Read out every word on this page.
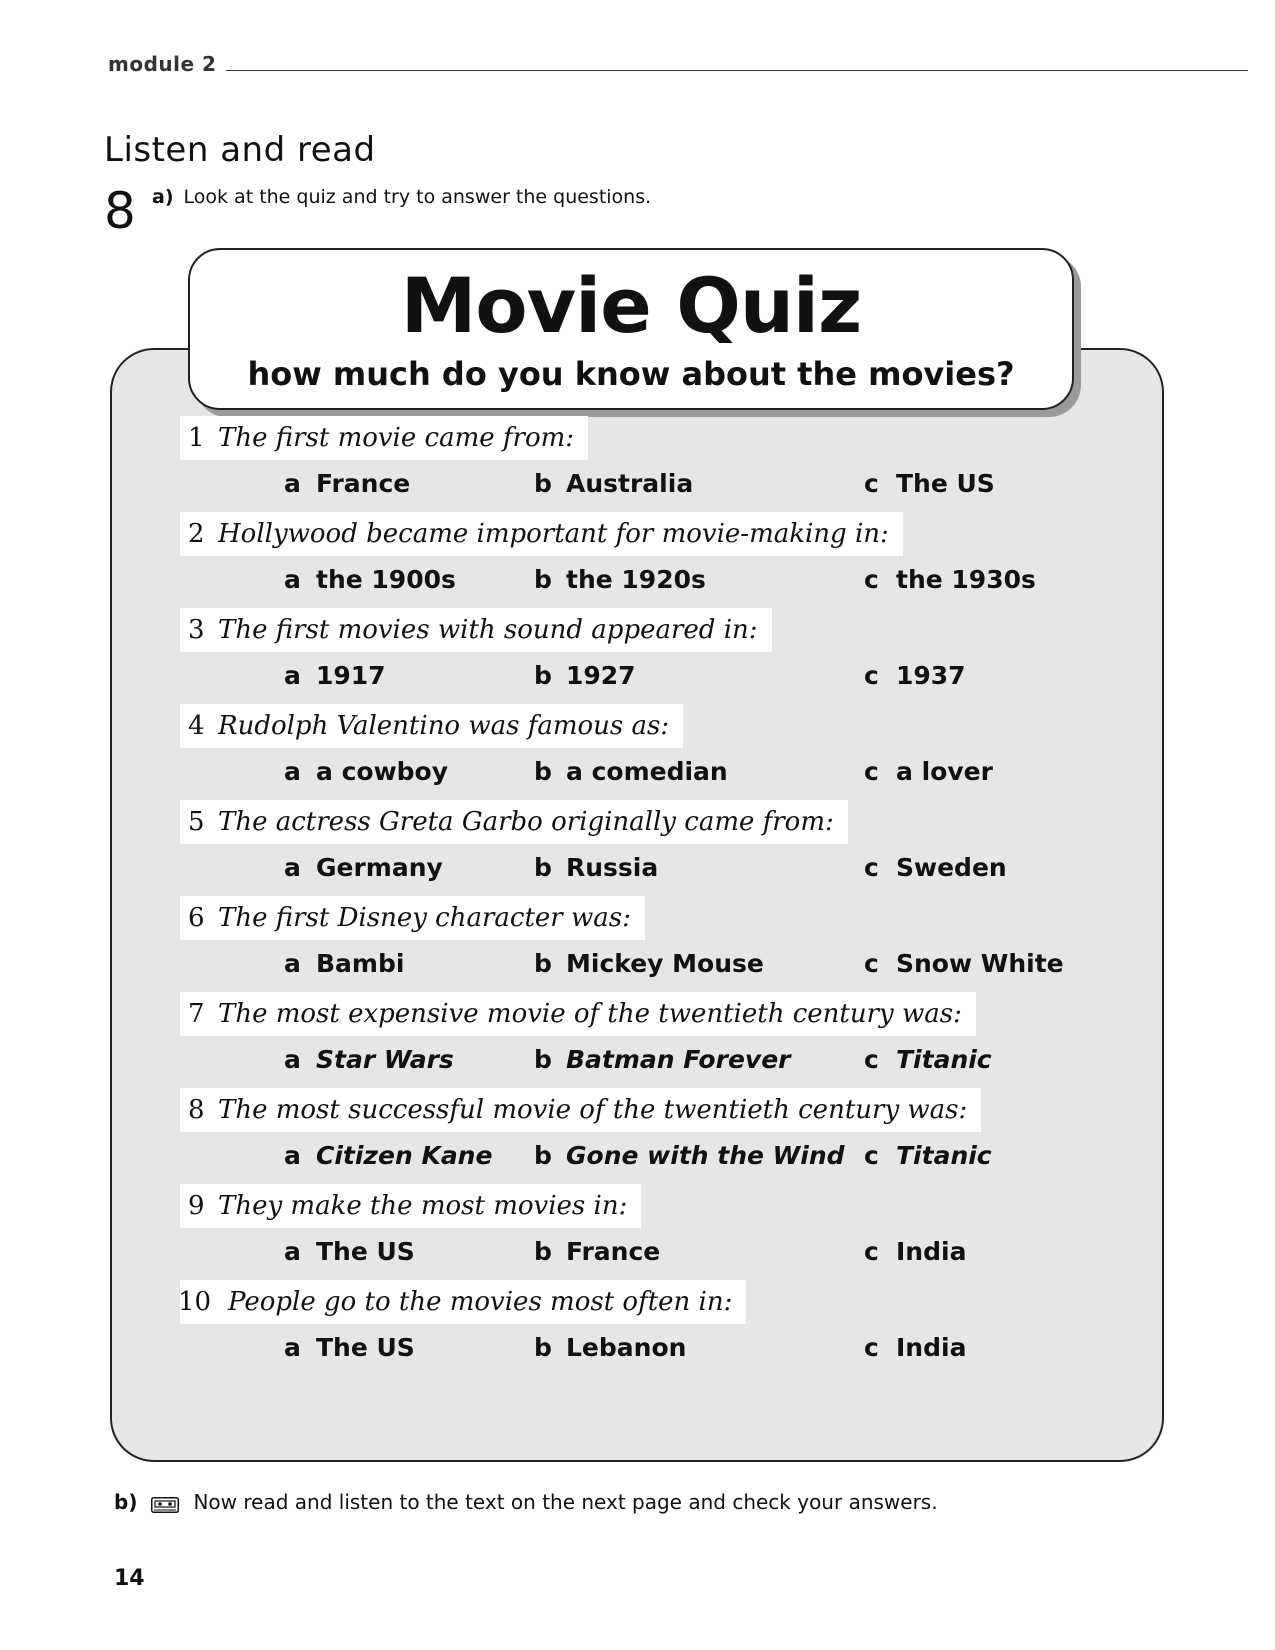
module 2
Listen and read
8 a) Look at the quiz and try to answer the questions.
Movie Quiz
how much do you know about the movies?
1 The first movie came from:
a France	b Australia	c The US
2 Hollywood became important for movie-making in:
a the 1900s	b the 1920s	c the 1930s
3 The first movies with sound appeared in:
a 1917	b 1927	c 1937
4 Rudolph Valentino was famous as:
a a cowboy	b a comedian	c a lover
5 The actress Greta Garbo originally came from:
a Germany	b Russia	c Sweden
6 The first Disney character was:
a Bambi	b Mickey Mouse	c Snow White
7 The most expensive movie of the twentieth century was:
a Star Wars	b Batman Forever	c Titanic
8 The most successful movie of the twentieth century was:
a Citizen Kane b Gone with the Wind c Titanic
9 They make the most movies in:
a The US	b France	c India
10 People go to the movies most often in:
a The US	b Lebanon	c India
b)	Now read and listen to the text on the next page and check your answers.
14
